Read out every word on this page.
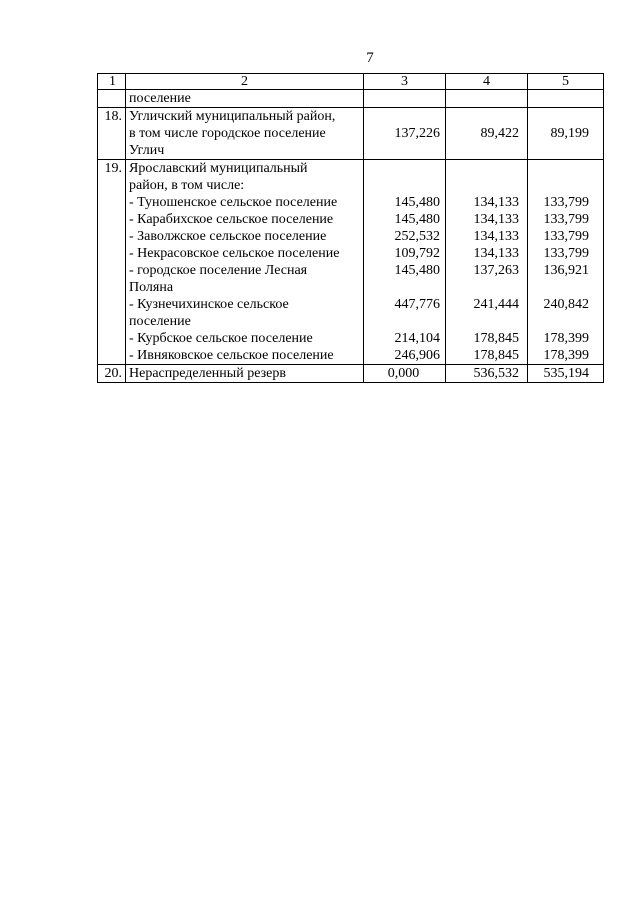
7
1	2	3	4	5
	поселение			
18.	Угличский муниципальный район,
в том числе городское поселение
Углич	137,226	89,422	89,199
19.	Ярославский муниципальный
район, в том числе:			

	- Туношенское сельское поселение	145,480	134,133	133,799
	- Карабихское сельское поселение	145,480	134,133	133,799
	- Заволжское сельское поселение	252,532	134,133	133,799
	- Некрасовское сельское поселение	109,792	134,133	133,799

	- городское поселение Лесная
Поляна	145,480	137,263	136,921

	- Кузнечихинское сельское
поселение	447,776	241,444	240,842
	- Курбское сельское поселение	214,104	178,845	178,399
	- Ивняковское сельское поселение	246,906	178,845	178,399
20.	Нераспределенный резерв	0,000	536,532	535,194
